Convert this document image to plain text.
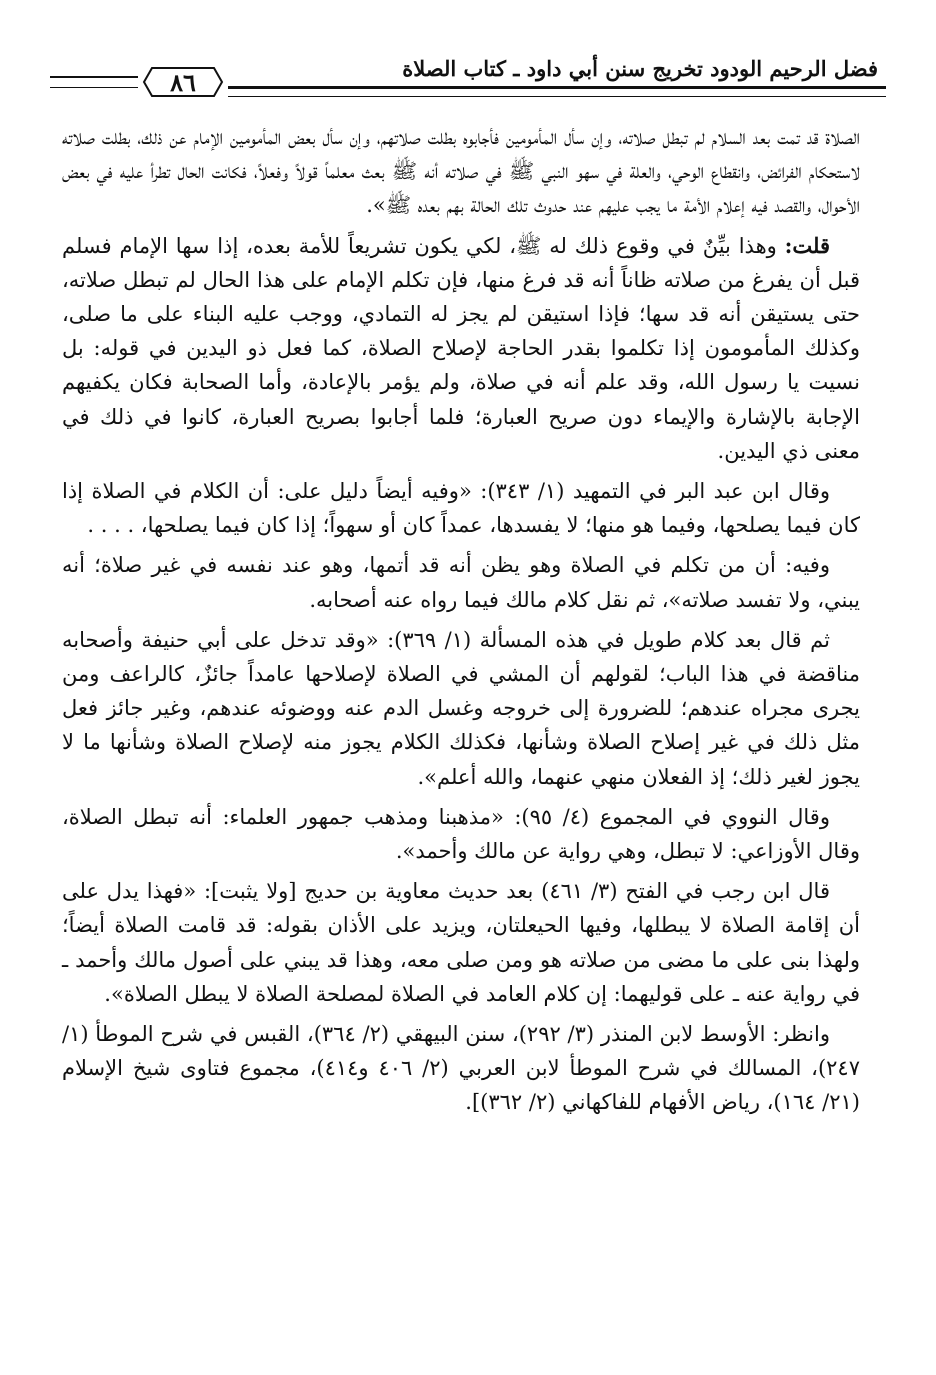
فضل الرحيم الودود تخريج سنن أبي داود ـ كتاب الصلاة
٨٦

الصلاة قد تمت بعد السلام لم تبطل صلاته، وإن سأل المأمومين فأجابوه بطلت صلاتهم، وإن سأل بعض المأمومين الإمام عن ذلك، بطلت صلاته لاستحكام الفرائض، وانقطاع الوحي، والعلة في سهو النبي ﷺ في صلاته أنه ﷺ بعث معلماً قولاً وفعلاً، فكانت الحال تطرأ عليه في بعض الأحوال، والقصد فيه إعلام الأمة ما يجب عليهم عند حدوث تلك الحالة بهم بعده ﷺ».

قلت: وهذا بيِّنٌ في وقوع ذلك له ﷺ، لكي يكون تشريعاً للأمة بعده، إذا سها الإمام فسلم قبل أن يفرغ من صلاته ظاناً أنه قد فرغ منها، فإن تكلم الإمام على هذا الحال لم تبطل صلاته، حتى يستيقن أنه قد سها؛ فإذا استيقن لم يجز له التمادي، ووجب عليه البناء على ما صلى، وكذلك المأمومون إذا تكلموا بقدر الحاجة لإصلاح الصلاة، كما فعل ذو اليدين في قوله: بل نسيت يا رسول الله، وقد علم أنه في صلاة، ولم يؤمر بالإعادة، وأما الصحابة فكان يكفيهم الإجابة بالإشارة والإيماء دون صريح العبارة؛ فلما أجابوا بصريح العبارة، كانوا في ذلك في معنى ذي اليدين.

وقال ابن عبد البر في التمهيد (١/ ٣٤٣): «وفيه أيضاً دليل على: أن الكلام في الصلاة إذا كان فيما يصلحها، وفيما هو منها؛ لا يفسدها، عمداً كان أو سهواً؛ إذا كان فيما يصلحها، . . . .

وفيه: أن من تكلم في الصلاة وهو يظن أنه قد أتمها، وهو عند نفسه في غير صلاة؛ أنه يبني، ولا تفسد صلاته»، ثم نقل كلام مالك فيما رواه عنه أصحابه.

ثم قال بعد كلام طويل في هذه المسألة (١/ ٣٦٩): «وقد تدخل على أبي حنيفة وأصحابه مناقضة في هذا الباب؛ لقولهم أن المشي في الصلاة لإصلاحها عامداً جائزٌ، كالراعف ومن يجرى مجراه عندهم؛ للضرورة إلى خروجه وغسل الدم عنه ووضوئه عندهم، وغير جائز فعل مثل ذلك في غير إصلاح الصلاة وشأنها، فكذلك الكلام يجوز منه لإصلاح الصلاة وشأنها ما لا يجوز لغير ذلك؛ إذ الفعلان منهي عنهما، والله أعلم».

وقال النووي في المجموع (٤/ ٩٥): «مذهبنا ومذهب جمهور العلماء: أنه تبطل الصلاة، وقال الأوزاعي: لا تبطل، وهي رواية عن مالك وأحمد».

قال ابن رجب في الفتح (٣/ ٤٦١) بعد حديث معاوية بن حديج [ولا يثبت]: «فهذا يدل على أن إقامة الصلاة لا يبطلها، وفيها الحيعلتان، ويزيد على الأذان بقوله: قد قامت الصلاة أيضاً؛ ولهذا بنى على ما مضى من صلاته هو ومن صلى معه، وهذا قد يبني على أصول مالك وأحمد ـ في رواية عنه ـ على قوليهما: إن كلام العامد في الصلاة لمصلحة الصلاة لا يبطل الصلاة».

وانظر: الأوسط لابن المنذر (٣/ ٢٩٢)، سنن البيهقي (٢/ ٣٦٤)، القبس في شرح الموطأ (١/ ٢٤٧)، المسالك في شرح الموطأ لابن العربي (٢/ ٤٠٦ و٤١٤)، مجموع فتاوى شيخ الإسلام (٢١/ ١٦٤)، رياض الأفهام للفاكهاني (٢/ ٣٦٢)].
